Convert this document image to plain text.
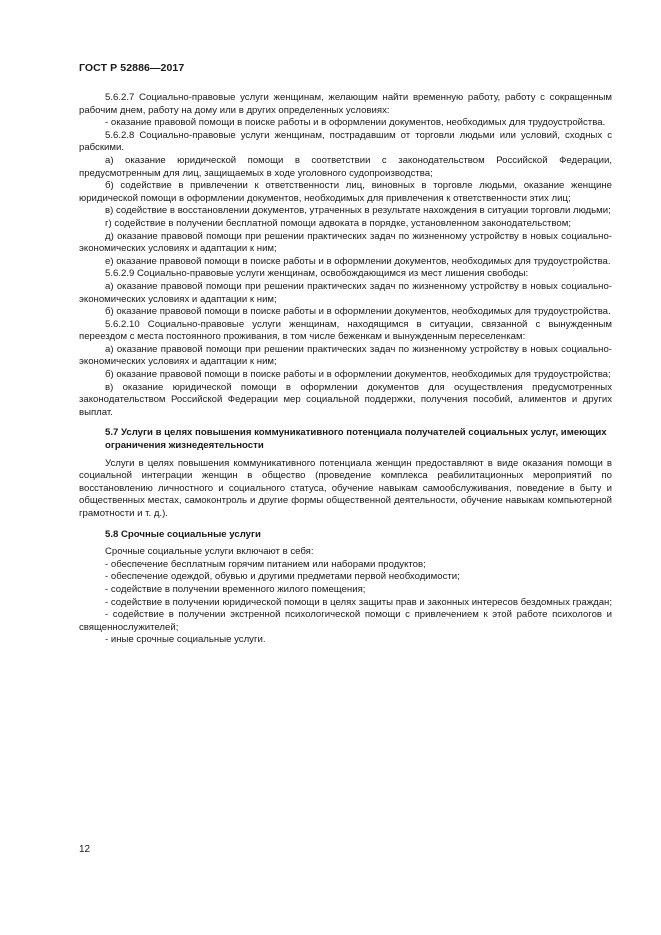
ГОСТ Р 52886—2017

5.6.2.7 Социально-правовые услуги женщинам, желающим найти временную работу, работу с сокращенным рабочим днем, работу на дому или в других определенных условиях:

- оказание правовой помощи в поиске работы и в оформлении документов, необходимых для трудоустройства.

5.6.2.8 Социально-правовые услуги женщинам, пострадавшим от торговли людьми или условий, сходных с рабскими.

а) оказание юридической помощи в соответствии с законодательством Российской Федерации, предусмотренным для лиц, защищаемых в ходе уголовного судопроизводства;

б) содействие в привлечении к ответственности лиц, виновных в торговле людьми, оказание женщине юридической помощи в оформлении документов, необходимых для привлечения к ответственности этих лиц;

в) содействие в восстановлении документов, утраченных в результате нахождения в ситуации торговли людьми;

г) содействие в получении бесплатной помощи адвоката в порядке, установленном законодательством;

д) оказание правовой помощи при решении практических задач по жизненному устройству в новых социально-экономических условиях и адаптации к ним;

е) оказание правовой помощи в поиске работы и в оформлении документов, необходимых для трудоустройства.

5.6.2.9 Социально-правовые услуги женщинам, освобождающимся из мест лишения свободы:

а) оказание правовой помощи при решении практических задач по жизненному устройству в новых социально-экономических условиях и адаптации к ним;

б) оказание правовой помощи в поиске работы и в оформлении документов, необходимых для трудоустройства.

5.6.2.10 Социально-правовые услуги женщинам, находящимся в ситуации, связанной с вынужденным переездом с места постоянного проживания, в том числе беженкам и вынужденным переселенкам:

а) оказание правовой помощи при решении практических задач по жизненному устройству в новых социально-экономических условиях и адаптации к ним;

б) оказание правовой помощи в поиске работы и в оформлении документов, необходимых для трудоустройства;

в) оказание юридической помощи в оформлении документов для осуществления предусмотренных законодательством Российской Федерации мер социальной поддержки, получения пособий, алиментов и других выплат.

5.7 Услуги в целях повышения коммуникативного потенциала получателей социальных услуг, имеющих ограничения жизнедеятельности

Услуги в целях повышения коммуникативного потенциала женщин предоставляют в виде оказания помощи в социальной интеграции женщин в общество (проведение комплекса реабилитационных мероприятий по восстановлению личностного и социального статуса, обучение навыкам самообслуживания, поведение в быту и общественных местах, самоконтроль и другие формы общественной деятельности, обучение навыкам компьютерной грамотности и т. д.).

5.8 Срочные социальные услуги

Срочные социальные услуги включают в себя:

- обеспечение бесплатным горячим питанием или наборами продуктов;

- обеспечение одеждой, обувью и другими предметами первой необходимости;

- содействие в получении временного жилого помещения;

- содействие в получении юридической помощи в целях защиты прав и законных интересов бездомных граждан;

- содействие в получении экстренной психологической помощи с привлечением к этой работе психологов и священнослужителей;

- иные срочные социальные услуги.

12
